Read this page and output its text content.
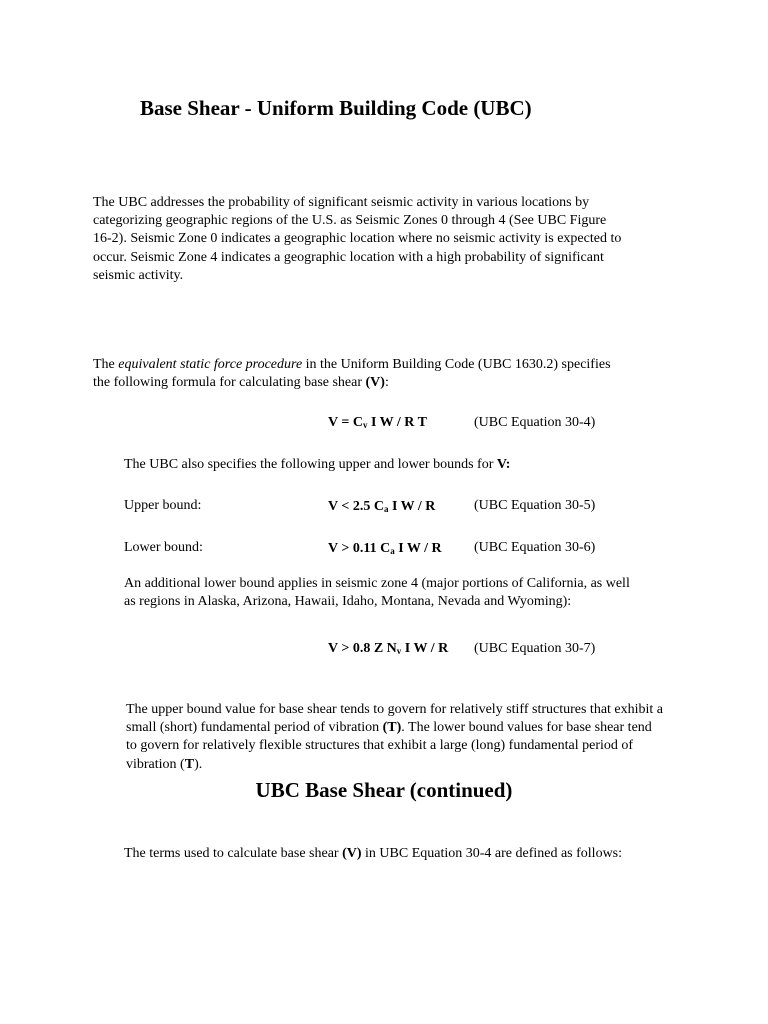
Base Shear - Uniform Building Code (UBC)

The UBC addresses the probability of significant seismic activity in various locations by categorizing geographic regions of the U.S. as Seismic Zones 0 through 4 (See UBC Figure 16-2). Seismic Zone 0 indicates a geographic location where no seismic activity is expected to occur. Seismic Zone 4 indicates a geographic location with a high probability of significant seismic activity.

The equivalent static force procedure in the Uniform Building Code (UBC 1630.2) specifies the following formula for calculating base shear (V):

V = Cv I W / R T	(UBC Equation 30-4)
The UBC also specifies the following upper and lower bounds for V:
Upper bound:	V < 2.5 Ca I W / R	(UBC Equation 30-5)
Lower bound:	V > 0.11 Ca I W / R (UBC Equation 30-6)

An additional lower bound applies in seismic zone 4 (major portions of California, as well as regions in Alaska, Arizona, Hawaii, Idaho, Montana, Nevada and Wyoming):

V > 0.8 Z Nv I W / R (UBC Equation 30-7)

The upper bound value for base shear tends to govern for relatively stiff structures that exhibit a small (short) fundamental period of vibration (T). The lower bound values for base shear tend to govern for relatively flexible structures that exhibit a large (long) fundamental period of vibration (T).

UBC Base Shear (continued)

The terms used to calculate base shear (V) in UBC Equation 30-4 are defined as follows:
